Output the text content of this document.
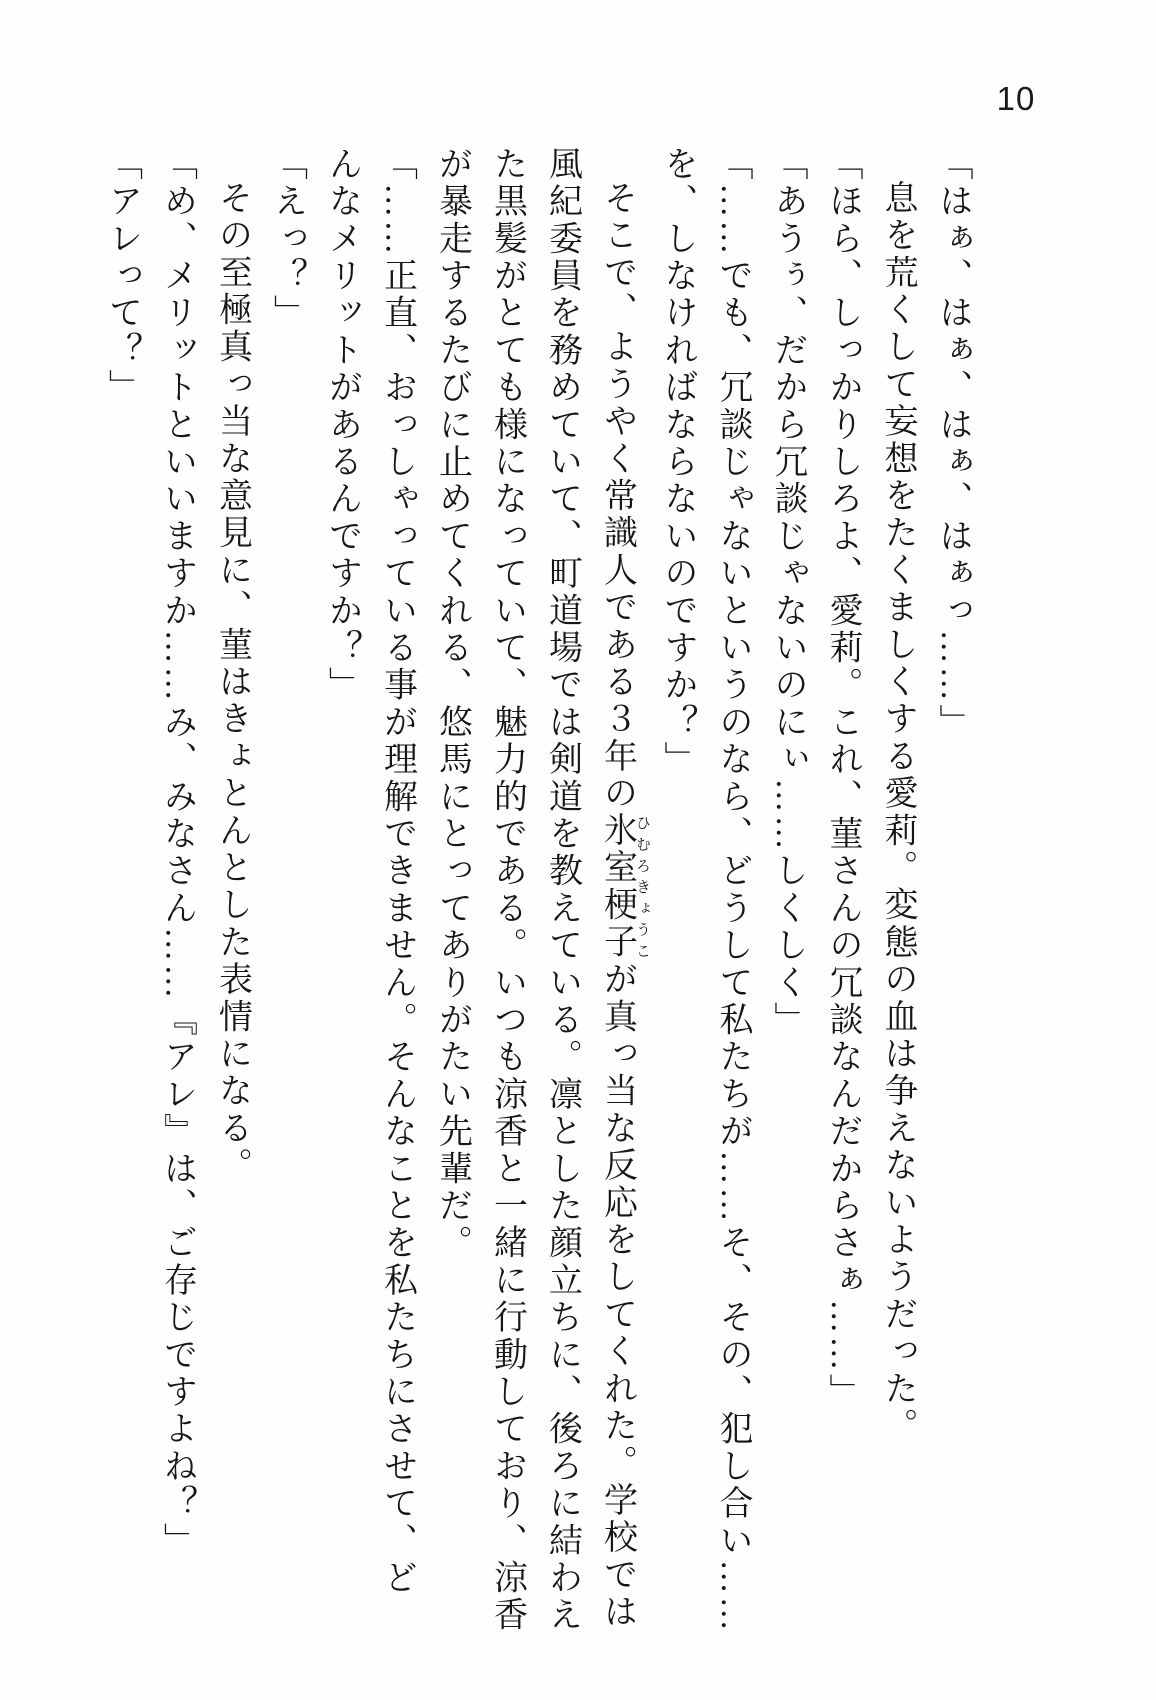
10

「はぁ、はぁ、はぁ、はぁっ……」

息を荒くして妄想をたくましくする愛莉。変態の血は争えないようだった。

「ほら、しっかりしろよ、愛莉。これ、菫さんの冗談なんだからさぁ……」

「あうぅ、だから冗談じゃないのにぃ……しくしく」

「……でも、冗談じゃないというのなら、どうして私たちが……そ、その、犯し合い……

を、しなければならないのですか？」

そこで、ようやく常識人である３年の氷室梗子ひむろきょうこが真っ当な反応をしてくれた。学校では

風紀委員を務めていて、町道場では剣道を教えている。凛とした顔立ちに、後ろに結わえ

た黒髪がとても様になっていて、魅力的である。いつも涼香と一緒に行動しており、涼香

が暴走するたびに止めてくれる、悠馬にとってありがたい先輩だ。

「……正直、おっしゃっている事が理解できません。そんなことを私たちにさせて、ど

んなメリットがあるんですか？」

「えっ？」

その至極真っ当な意見に、菫はきょとんとした表情になる。

「め、メリットといいますか……み、みなさん……『アレ』は、ご存じですよね？」

「アレって？」
